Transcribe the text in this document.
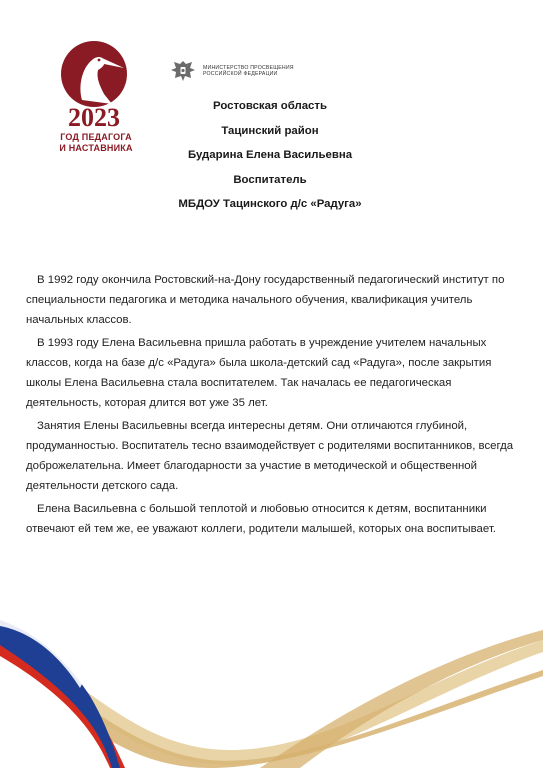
2023
ГОД ПЕДАГОГА
И НАСТАВНИКА
МИНИСТЕРСТВО ПРОСВЕЩЕНИЯ
РОССИЙСКОЙ ФЕДЕРАЦИИ
Ростовская область
Тацинский район
Бударина Елена Васильевна
Воспитатель
МБДОУ Тацинского д/с «Радуга»

В 1992 году окончила Ростовский-на-Дону государственный педагогический институт по специальности педагогика и методика начального обучения, квалификация учитель начальных классов.

В 1993 году Елена Васильевна пришла работать в учреждение учителем начальных классов, когда на базе д/с «Радуга» была школа-детский сад «Радуга», после закрытия школы Елена Васильевна стала воспитателем. Так началась ее педагогическая деятельность, которая длится вот уже 35 лет.

Занятия Елены Васильевны всегда интересны детям. Они отличаются глубиной, продуманностью. Воспитатель тесно взаимодействует с родителями воспитанников, всегда доброжелательна. Имеет благодарности за участие в методической и общественной деятельности детского сада.

Елена Васильевна с большой теплотой и любовью относится к детям, воспитанники отвечают ей тем же, ее уважают коллеги, родители малышей, которых она воспитывает.
